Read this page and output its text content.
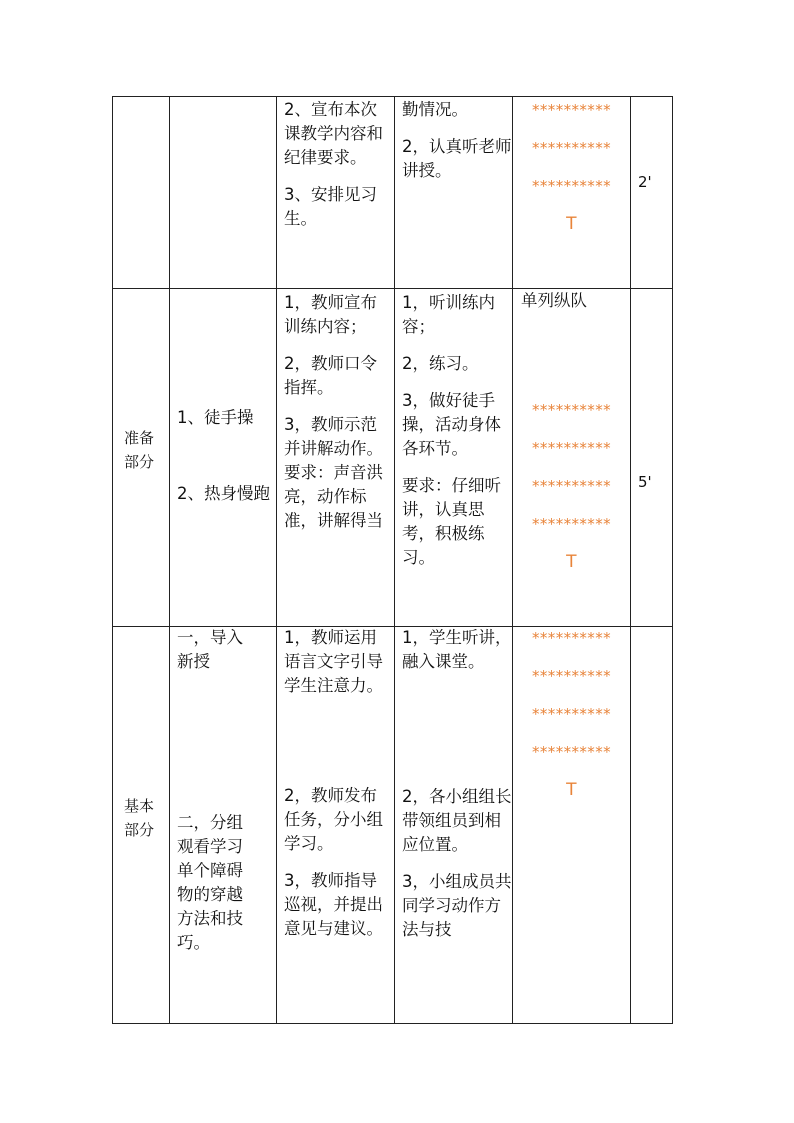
2、宣布本次课教学内容和纪律要求。

3、安排见习生。

勤情况。

2，认真听老师讲授。

**********
**********
**********
T
2'
准备部分

1、徒手操

2、热身慢跑

1，教师宣布训练内容；

2，教师口令指挥。

3，教师示范并讲解动作。要求：声音洪亮，动作标准，讲解得当

1，听训练内容；

2，练习。

3，做好徒手操，活动身体各环节。

要求：仔细听讲，认真思考，积极练习。

单列纵队
**********
**********
**********
**********
T
5'
基本部分

一，导入新授

二，分组观看学习单个障碍物的穿越方法和技巧。

1，教师运用语言文字引导学生注意力。

2，教师发布任务，分小组学习。

3，教师指导巡视，并提出意见与建议。

1，学生听讲，融入课堂。

2，各小组组长带领组员到相应位置。

3，小组成员共同学习动作方法与技

**********
**********
**********
**********
T
